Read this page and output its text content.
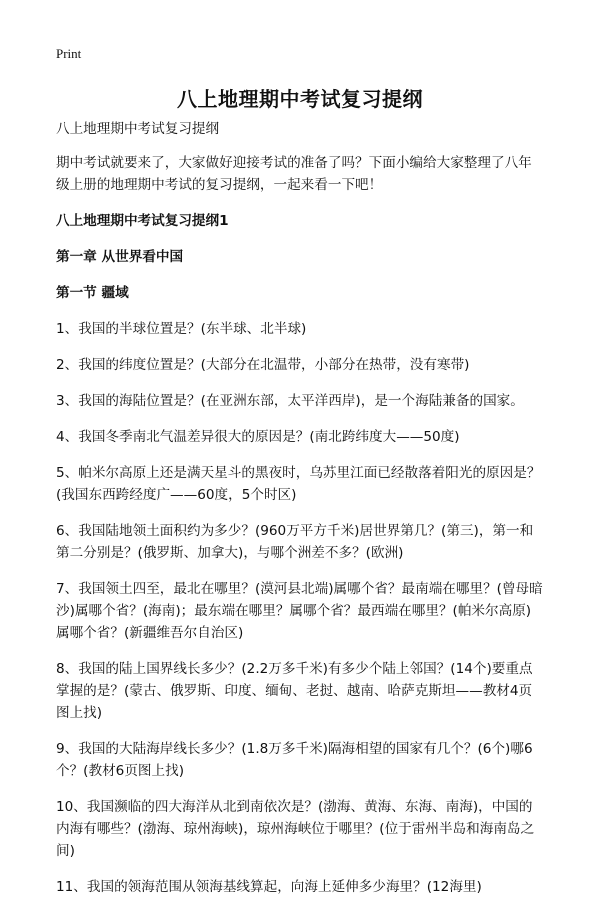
Print
八上地理期中考试复习提纲

八上地理期中考试复习提纲

期中考试就要来了，大家做好迎接考试的准备了吗？下面小编给大家整理了八年级上册的地理期中考试的复习提纲，一起来看一下吧！

八上地理期中考试复习提纲1

第一章 从世界看中国

第一节 疆域

1、我国的半球位置是？(东半球、北半球)

2、我国的纬度位置是？(大部分在北温带，小部分在热带，没有寒带)

3、我国的海陆位置是？(在亚洲东部，太平洋西岸)，是一个海陆兼备的国家。

4、我国冬季南北气温差异很大的原因是？(南北跨纬度大——50度)

5、帕米尔高原上还是满天星斗的黑夜时，乌苏里江面已经散落着阳光的原因是？(我国东西跨经度广——60度，5个时区)

6、我国陆地领土面积约为多少？(960万平方千米)居世界第几？(第三)，第一和第二分别是？(俄罗斯、加拿大)，与哪个洲差不多？(欧洲)

7、我国领土四至，最北在哪里？(漠河县北端)属哪个省？最南端在哪里？(曾母暗沙)属哪个省？(海南)；最东端在哪里？属哪个省？最西端在哪里？(帕米尔高原)属哪个省？(新疆维吾尔自治区)

8、我国的陆上国界线长多少？(2.2万多千米)有多少个陆上邻国？(14个)要重点掌握的是？(蒙古、俄罗斯、印度、缅甸、老挝、越南、哈萨克斯坦——教材4页图上找)

9、我国的大陆海岸线长多少？(1.8万多千米)隔海相望的国家有几个？(6个)哪6个？(教材6页图上找)

10、我国濒临的四大海洋从北到南依次是？(渤海、黄海、东海、南海)，中国的内海有哪些？(渤海、琼州海峡)，琼州海峡位于哪里？(位于雷州半岛和海南岛之间)

11、我国的领海范围从领海基线算起，向海上延伸多少海里？(12海里)
